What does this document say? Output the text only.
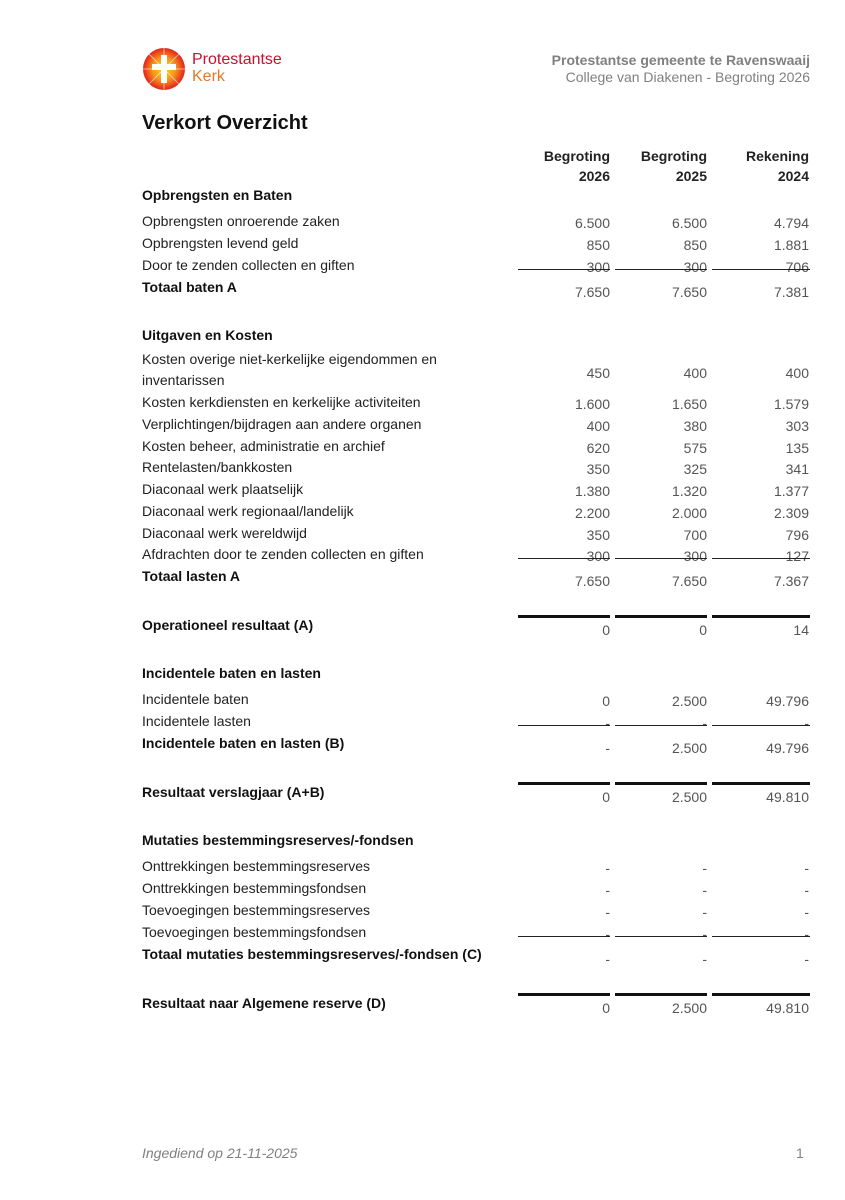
Protestantse
Kerk
Protestantse gemeente te Ravenswaaij
College van Diakenen - Begroting 2026
Verkort Overzicht
Begroting
2026
Begroting
2025
Rekening
2024
Opbrengsten en Baten
Opbrengsten onroerende zaken	6.500	6.500	4.794
Opbrengsten levend geld	850	850	1.881
Door te zenden collecten en giften	300	300	706
Totaal baten A	7.650	7.650	7.381
Uitgaven en Kosten
Kosten overige niet-kerkelijke eigendommen en inventarissen	450	400	400
Kosten kerkdiensten en kerkelijke activiteiten	1.600	1.650	1.579
Verplichtingen/bijdragen aan andere organen	400	380	303
Kosten beheer, administratie en archief	620	575	135
Rentelasten/bankkosten	350	325	341
Diaconaal werk plaatselijk	1.380	1.320	1.377
Diaconaal werk regionaal/landelijk	2.200	2.000	2.309
Diaconaal werk wereldwijd	350	700	796
Afdrachten door te zenden collecten en giften	300	300	127
Totaal lasten A	7.650	7.650	7.367
Operationeel resultaat (A)	0	0	14
Incidentele baten en lasten
Incidentele baten	0	2.500	49.796
Incidentele lasten	-	-	-
Incidentele baten en lasten (B)	-	2.500	49.796
Resultaat verslagjaar (A+B)	0	2.500	49.810
Mutaties bestemmingsreserves/-fondsen
Onttrekkingen bestemmingsreserves	-	-	-
Onttrekkingen bestemmingsfondsen	-	-	-
Toevoegingen bestemmingsreserves	-	-	-
Toevoegingen bestemmingsfondsen	-	-	-
Totaal mutaties bestemmingsreserves/-fondsen (C)	-	-	-
Resultaat naar Algemene reserve (D)	0	2.500	49.810
Ingediend op 21-11-2025	1
